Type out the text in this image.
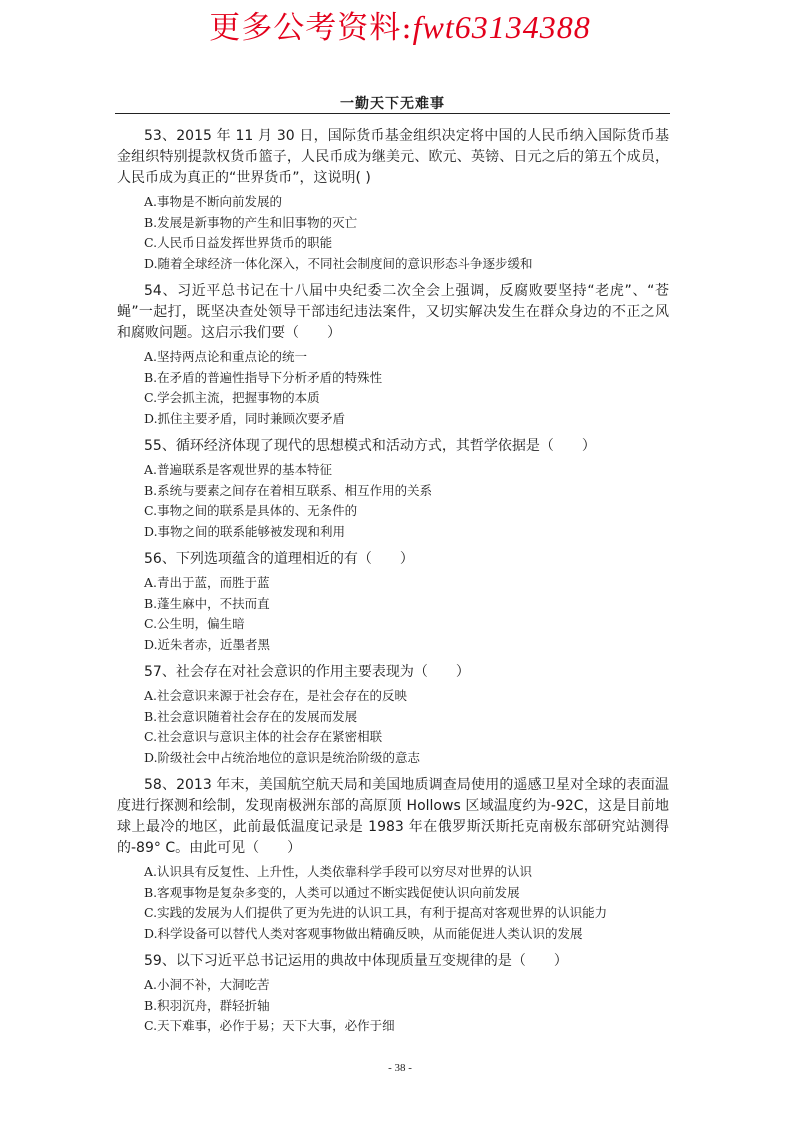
更多公考资料:fwt63134388
一勤天下无难事
53、2015 年 11 月 30 日，国际货币基金组织决定将中国的人民币纳入国际货币基金组织特别提款权货币篮子，人民币成为继美元、欧元、英镑、日元之后的第五个成员，人民币成为真正的“世界货币”，这说明( )
A.事物是不断向前发展的
B.发展是新事物的产生和旧事物的灭亡
C.人民币日益发挥世界货币的职能
D.随着全球经济一体化深入，不同社会制度间的意识形态斗争逐步缓和
54、习近平总书记在十八届中央纪委二次全会上强调，反腐败要坚持“老虎”、“苍蝇”一起打，既坚决查处领导干部违纪违法案件，又切实解决发生在群众身边的不正之风和腐败问题。这启示我们要（　　）
A.坚持两点论和重点论的统一
B.在矛盾的普遍性指导下分析矛盾的特殊性
C.学会抓主流，把握事物的本质
D.抓住主要矛盾，同时兼顾次要矛盾
55、循环经济体现了现代的思想模式和活动方式，其哲学依据是（　　）
A.普遍联系是客观世界的基本特征
B.系统与要素之间存在着相互联系、相互作用的关系
C.事物之间的联系是具体的、无条件的
D.事物之间的联系能够被发现和利用
56、下列选项蕴含的道理相近的有（　　）
A.青出于蓝，而胜于蓝
B.蓬生麻中，不扶而直
C.公生明，偏生暗
D.近朱者赤，近墨者黑
57、社会存在对社会意识的作用主要表现为（　　）
A.社会意识来源于社会存在，是社会存在的反映
B.社会意识随着社会存在的发展而发展
C.社会意识与意识主体的社会存在紧密相联
D.阶级社会中占统治地位的意识是统治阶级的意志
58、2013 年末，美国航空航天局和美国地质调查局使用的遥感卫星对全球的表面温度进行探测和绘制，发现南极洲东部的高原顶 Hollows 区域温度约为-92C，这是目前地球上最冷的地区，此前最低温度记录是 1983 年在俄罗斯沃斯托克南极东部研究站测得的-89° C。由此可见（　　）
A.认识具有反复性、上升性，人类依靠科学手段可以穷尽对世界的认识
B.客观事物是复杂多变的，人类可以通过不断实践促使认识向前发展
C.实践的发展为人们提供了更为先进的认识工具，有利于提高对客观世界的认识能力
D.科学设备可以替代人类对客观事物做出精确反映，从而能促进人类认识的发展
59、以下习近平总书记运用的典故中体现质量互变规律的是（　　）
A.小洞不补，大洞吃苦
B.积羽沉舟，群轻折轴
C.天下难事，必作于易；天下大事，必作于细
- 38 -
